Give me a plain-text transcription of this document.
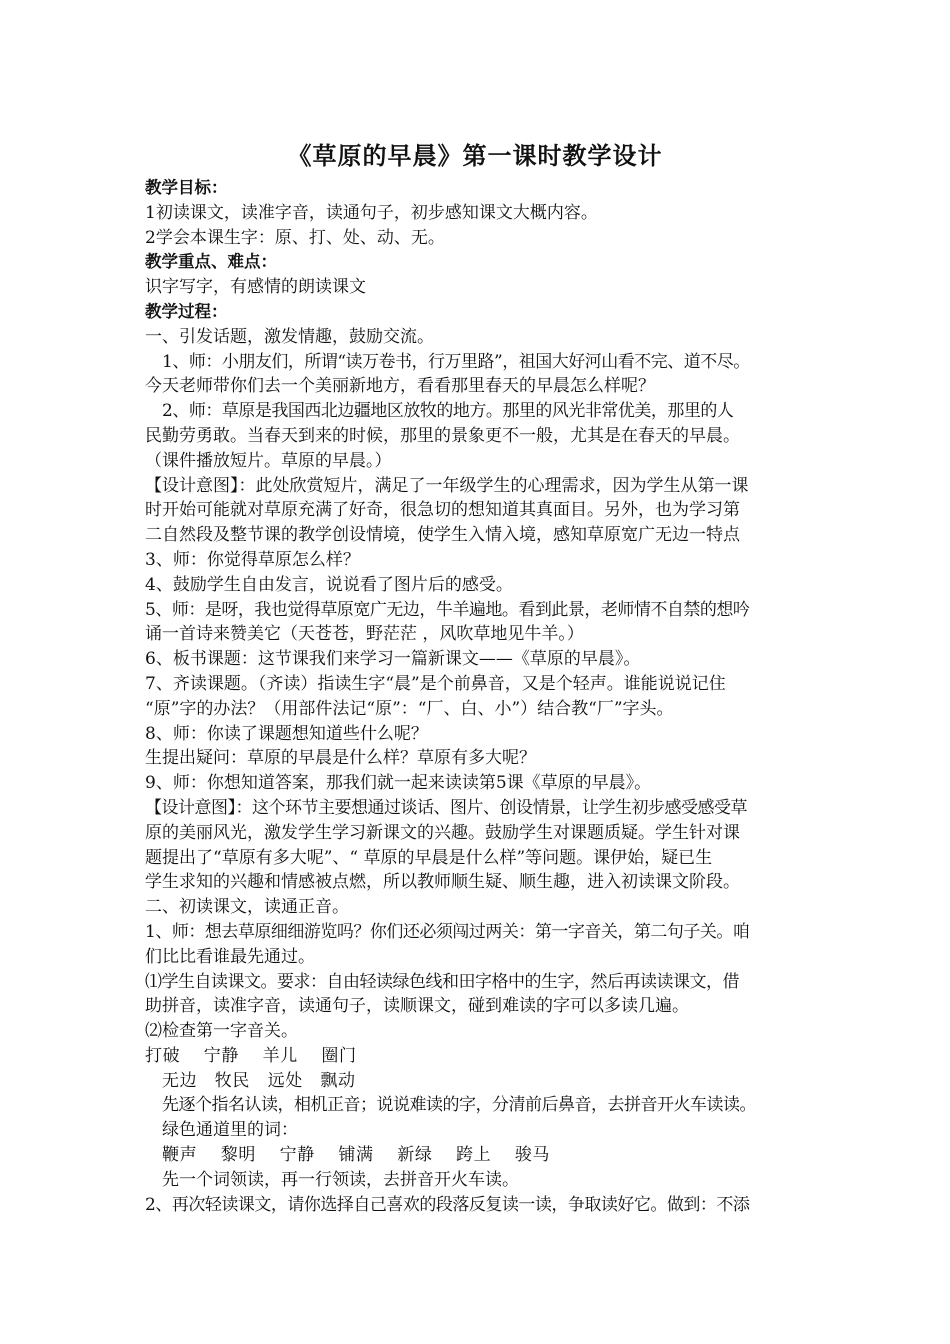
《草原的早晨》第一课时教学设计
教学目标：
1初读课文，读准字音，读通句子，初步感知课文大概内容。
2学会本课生字：原、打、处、动、无。
教学重点、难点：
识字写字，有感情的朗读课文
教学过程：
一、引发话题，激发情趣，鼓励交流。
1、师：小朋友们，所谓“读万卷书，行万里路”，祖国大好河山看不完、道不尽。
今天老师带你们去一个美丽新地方，看看那里春天的早晨怎么样呢？
2、师：草原是我国西北边疆地区放牧的地方。那里的风光非常优美，那里的人
民勤劳勇敢。当春天到来的时候，那里的景象更不一般，尤其是在春天的早晨。
（课件播放短片。草原的早晨。）
【设计意图】：此处欣赏短片，满足了一年级学生的心理需求，因为学生从第一课
时开始可能就对草原充满了好奇，很急切的想知道其真面目。另外，也为学习第
二自然段及整节课的教学创设情境，使学生入情入境，感知草原宽广无边一特点
3、师：你觉得草原怎么样？
4、鼓励学生自由发言，说说看了图片后的感受。
5、师：是呀，我也觉得草原宽广无边，牛羊遍地。看到此景，老师情不自禁的想吟
诵一首诗来赞美它（天苍苍，野茫茫 ，风吹草地见牛羊。）
6、板书课题：这节课我们来学习一篇新课文——《草原的早晨》。
7、齐读课题。（齐读）指读生字“晨”是个前鼻音，又是个轻声。谁能说说记住
“原”字的办法？（用部件法记“原”：“厂、白、小”）结合教“厂”字头。
8、师：你读了课题想知道些什么呢？
生提出疑问：草原的早晨是什么样？草原有多大呢？
9、师：你想知道答案，那我们就一起来读读第5课《草原的早晨》。
【设计意图】：这个环节主要想通过谈话、图片、创设情景，让学生初步感受感受草
原的美丽风光，激发学生学习新课文的兴趣。鼓励学生对课题质疑。学生针对课
题提出了“草原有多大呢”、“ 草原的早晨是什么样”等问题。课伊始，疑已生
学生求知的兴趣和情感被点燃，所以教师顺生疑、顺生趣，进入初读课文阶段。
二、初读课文，读通正音。
1、师：想去草原细细游览吗？你们还必须闯过两关：第一字音关，第二句子关。咱
们比比看谁最先通过。
⑴学生自读课文。要求：自由轻读绿色线和田字格中的生字，然后再读读课文，借
助拼音，读准字音，读通句子，读顺课文，碰到难读的字可以多读几遍。
⑵检查第一字音关。
打破　 宁静　 羊儿　 圈门
无边　牧民　远处　飘动
先逐个指名认读，相机正音；说说难读的字，分清前后鼻音，去拼音开火车读读。
绿色通道里的词：
鞭声　 黎明　 宁静　 铺满　 新绿　 跨上　 骏马
先一个词领读，再一行领读，去拼音开火车读。
2、再次轻读课文，请你选择自己喜欢的段落反复读一读，争取读好它。做到：不添
